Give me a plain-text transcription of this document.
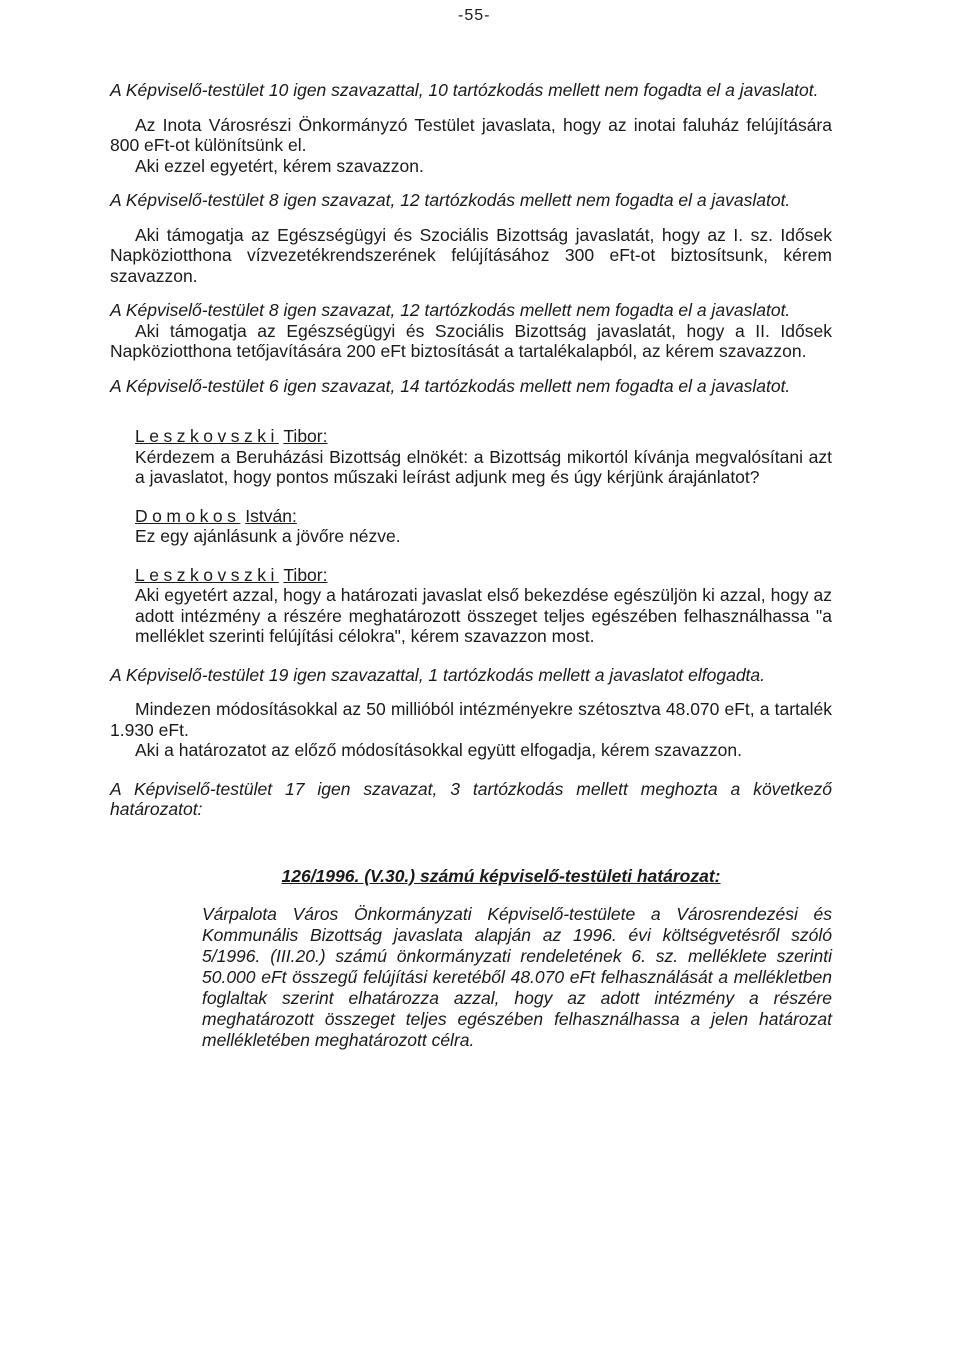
-55-

A Képviselő-testület 10 igen szavazattal, 10 tartózkodás mellett nem fogadta el a javaslatot.

Az Inota Városrészi Önkormányzó Testület javaslata, hogy az inotai faluház felújítására 800 eFt-ot különítsünk el.

Aki ezzel egyetért, kérem szavazzon.

A Képviselő-testület 8 igen szavazat, 12 tartózkodás mellett nem fogadta el a javaslatot.

Aki támogatja az Egészségügyi és Szociális Bizottság javaslatát, hogy az I. sz. Idősek Napköziotthona vízvezetékrendszerének felújításához 300 eFt-ot biztosítsunk, kérem szavazzon.

A Képviselő-testület 8 igen szavazat, 12 tartózkodás mellett nem fogadta el a javaslatot.

Aki támogatja az Egészségügyi és Szociális Bizottság javaslatát, hogy a II. Idősek Napköziotthona tetőjavítására 200 eFt biztosítását a tartalékalapból, az kérem szavazzon.

A Képviselő-testület 6 igen szavazat, 14 tartózkodás mellett nem fogadta el a javaslatot.

Leszkovszki Tibor:

Kérdezem a Beruházási Bizottság elnökét: a Bizottság mikortól kívánja megvalósítani azt a javaslatot, hogy pontos műszaki leírást adjunk meg és úgy kérjünk árajánlatot?

Domokos István:

Ez egy ajánlásunk a jövőre nézve.

Leszkovszki Tibor:

Aki egyetért azzal, hogy a határozati javaslat első bekezdése egészüljön ki azzal, hogy az adott intézmény a részére meghatározott összeget teljes egészében felhasználhassa "a melléklet szerinti felújítási célokra", kérem szavazzon most.

A Képviselő-testület 19 igen szavazattal, 1 tartózkodás mellett a javaslatot elfogadta.

Mindezen módosításokkal az 50 millióból intézményekre szétosztva 48.070 eFt, a tartalék 1.930 eFt.

Aki a határozatot az előző módosításokkal együtt elfogadja, kérem szavazzon.

A Képviselő-testület 17 igen szavazat, 3 tartózkodás mellett meghozta a következő határozatot:

126/1996. (V.30.) számú képviselő-testületi határozat:

Várpalota Város Önkormányzati Képviselő-testülete a Városrendezési és Kommunális Bizottság javaslata alapján az 1996. évi költségvetésről szóló 5/1996. (III.20.) számú önkormányzati rendeletének 6. sz. melléklete szerinti 50.000 eFt összegű felújítási keretéből 48.070 eFt felhasználását a mellékletben foglaltak szerint elhatározza azzal, hogy az adott intézmény a részére meghatározott összeget teljes egészében felhasználhassa a jelen határozat mellékletében meghatározott célra.
